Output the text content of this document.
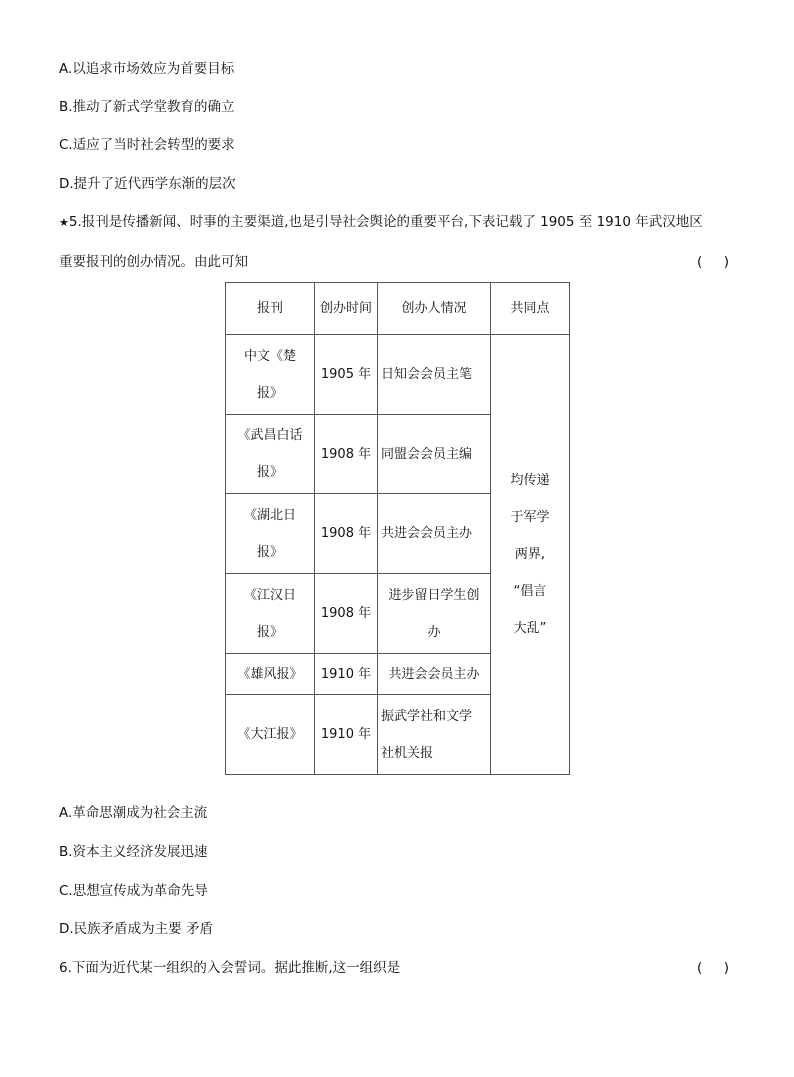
A.以追求市场效应为首要目标
B.推动了新式学堂教育的确立
C.适应了当时社会转型的要求
D.提升了近代西学东渐的层次
★5.报刊是传播新闻、时事的主要渠道,也是引导社会舆论的重要平台,下表记载了 1905 至 1910 年武汉地区
重要报刊的创办情况。由此可知	(     )
报刊	创办时间	创办人情况	共同点

中文《楚
报》	1905 年	日知会会员主笔	均传递
于军学
两界,
“倡言
大乱”

《武昌白话
报》	1908 年	同盟会会员主编	

《湖北日
报》	1908 年	共进会会员主办	

《江汉日
报》	1908 年	进步留日学生创
办	

《雄风报》	1910 年	共进会会员主办	

《大江报》	1910 年	振武学社和文学
社机关报	
A.革命思潮成为社会主流
B.资本主义经济发展迅速
C.思想宣传成为革命先导
D.民族矛盾成为主要 矛盾
6.下面为近代某一组织的入会誓词。据此推断,这一组织是	(     )
